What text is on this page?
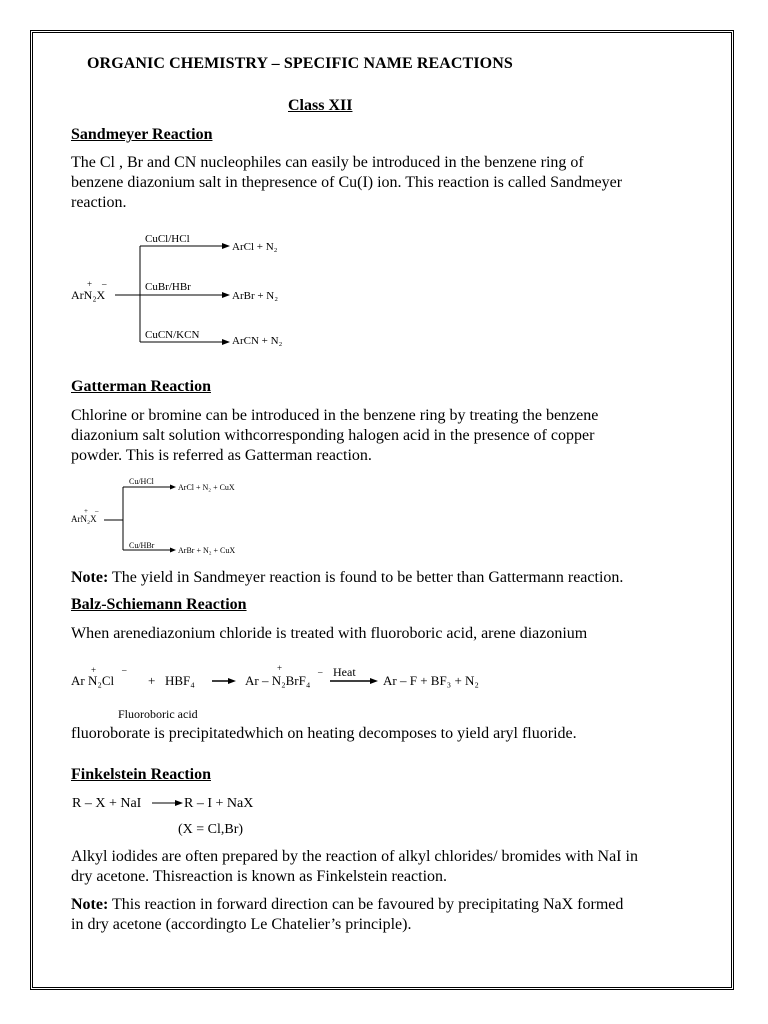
ORGANIC CHEMISTRY – SPECIFIC NAME REACTIONS
Class XII
Sandmeyer Reaction
The Cl , Br and CN nucleophiles can easily be introduced in the benzene ring of
benzene diazonium salt in thepresence of Cu(I) ion. This reaction is called Sandmeyer
reaction.
ArN₂X
+ –
CuCl/HCl
ArCl + N₂
CuBr/HBr
ArBr + N₂
CuCN/KCN	ArCN + N₂
Gatterman Reaction
Chlorine or bromine can be introduced in the benzene ring by treating the benzene
diazonium salt solution withcorresponding halogen acid in the presence of copper
powder. This is referred as Gatterman reaction.
ArN₂X
+ –
Cu/HCl
ArCl + N₂ + CuX
Cu/HBr
ArBr + N₂ + CuX
Note: The yield in Sandmeyer reaction is found to be better than Gattermann reaction.
Balz-Schiemann Reaction
When arenediazonium chloride is treated with fluoroboric acid, arene diazonium
Ar N₂Cl
+	–
+ HBF₄	Ar – N₂BrF₄
+	– Heat
Ar – F + BF₃ + N₂
Fluoroboric acid
fluoroborate is precipitatedwhich on heating decomposes to yield aryl fluoride.
Finkelstein Reaction
R – X + NaI	R – I + NaX
(X = Cl,Br)
Alkyl iodides are often prepared by the reaction of alkyl chlorides/ bromides with NaI in
dry acetone. Thisreaction is known as Finkelstein reaction.
Note: This reaction in forward direction can be favoured by precipitating NaX formed
in dry acetone (accordingto Le Chatelier’s principle).
